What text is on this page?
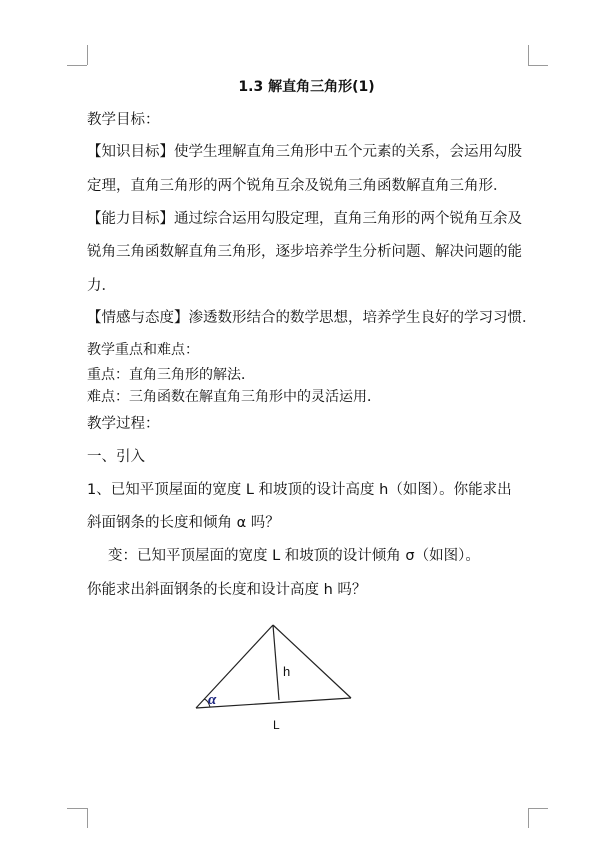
1.3 解直角三角形(1)
教学目标：
【知识目标】使学生理解直角三角形中五个元素的关系，会运用勾股
定理，直角三角形的两个锐角互余及锐角三角函数解直角三角形．
【能力目标】通过综合运用勾股定理，直角三角形的两个锐角互余及
锐角三角函数解直角三角形，逐步培养学生分析问题、解决问题的能
力．
【情感与态度】渗透数形结合的数学思想，培养学生良好的学习习惯．
教学重点和难点：
重点：直角三角形的解法．
难点：三角函数在解直角三角形中的灵活运用．
教学过程：
一、引入
1、已知平顶屋面的宽度 L 和坡顶的设计高度 h（如图）。你能求出
斜面钢条的长度和倾角 α 吗？
变：已知平顶屋面的宽度 L 和坡顶的设计倾角 σ（如图）。
你能求出斜面钢条的长度和设计高度 h 吗？
h
α
L
